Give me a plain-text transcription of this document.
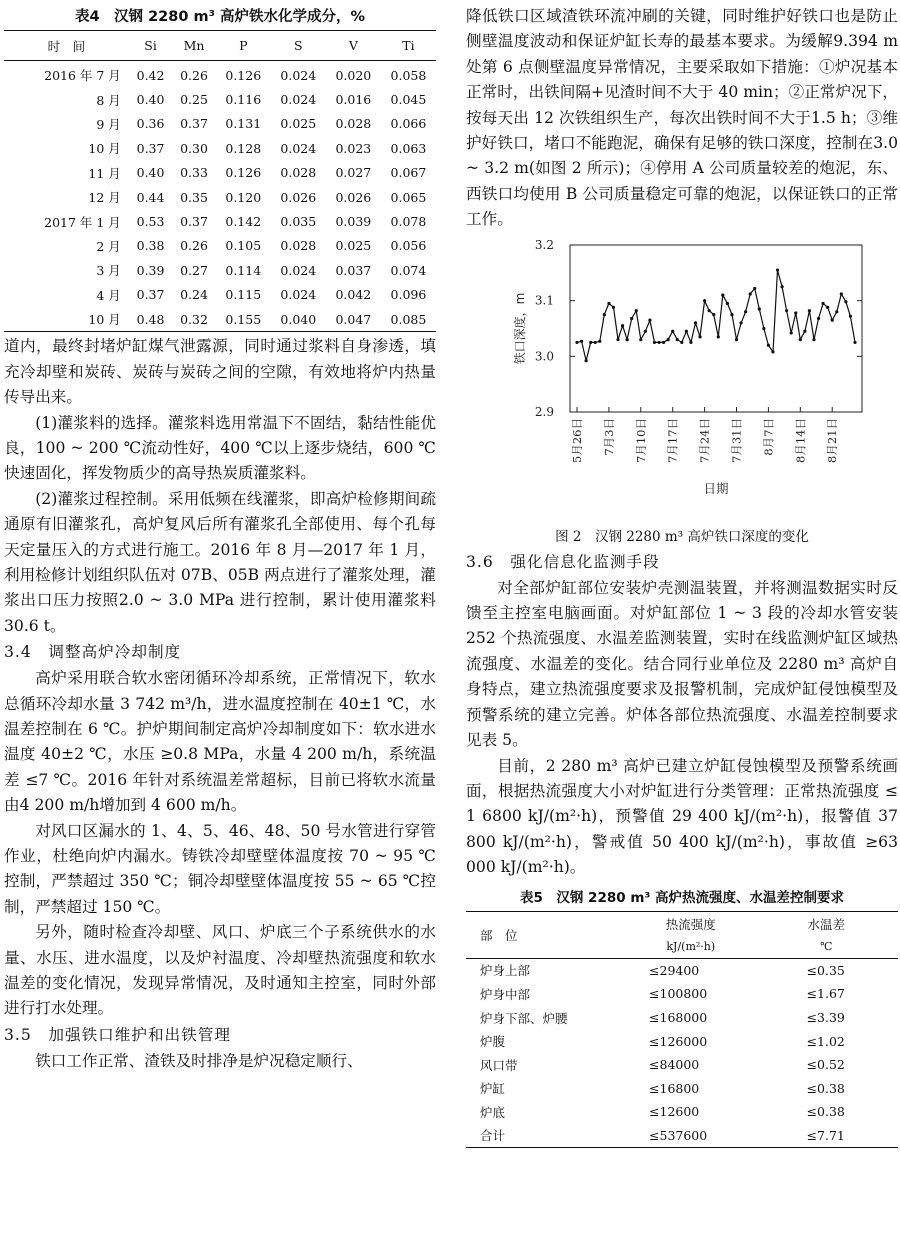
表4　汉钢 2280 m³ 高炉铁水化学成分，%
时　间	Si	Mn	P	S	V	Ti
2016 年 7 月	0.42	0.26	0.126	0.024	0.020	0.058
8 月	0.40	0.25	0.116	0.024	0.016	0.045
9 月	0.36	0.37	0.131	0.025	0.028	0.066
10 月	0.37	0.30	0.128	0.024	0.023	0.063
11 月	0.40	0.33	0.126	0.028	0.027	0.067
12 月	0.44	0.35	0.120	0.026	0.026	0.065
2017 年 1 月	0.53	0.37	0.142	0.035	0.039	0.078
2 月	0.38	0.26	0.105	0.028	0.025	0.056
3 月	0.39	0.27	0.114	0.024	0.037	0.074
4 月	0.37	0.24	0.115	0.024	0.042	0.096
10 月	0.48	0.32	0.155	0.040	0.047	0.085

道内，最终封堵炉缸煤气泄露源，同时通过浆料自身渗透，填充冷却壁和炭砖、炭砖与炭砖之间的空隙，有效地将炉内热量传导出来。

(1)灌浆料的选择。灌浆料选用常温下不固结，黏结性能优良，100 ~ 200 ℃流动性好，400 ℃以上逐步烧结，600 ℃快速固化，挥发物质少的高导热炭质灌浆料。

(2)灌浆过程控制。采用低频在线灌浆，即高炉检修期间疏通原有旧灌浆孔，高炉复风后所有灌浆孔全部使用、每个孔每天定量压入的方式进行施工。2016 年 8 月—2017 年 1 月，利用检修计划组织队伍对 07B、05B 两点进行了灌浆处理，灌浆出口压力按照2.0 ~ 3.0 MPa 进行控制，累计使用灌浆料30.6 t。

3.4　调整高炉冷却制度

高炉采用联合软水密闭循环冷却系统，正常情况下，软水总循环冷却水量 3 742 m³/h，进水温度控制在 40±1 ℃，水温差控制在 6 ℃。护炉期间制定高炉冷却制度如下：软水进水温度 40±2 ℃，水压 ≥0.8 MPa，水量 4 200 m/h，系统温差 ≤7 ℃。2016 年针对系统温差常超标，目前已将软水流量由4 200 m/h增加到 4 600 m/h。

对风口区漏水的 1、4、5、46、48、50 号水管进行穿管作业，杜绝向炉内漏水。铸铁冷却壁壁体温度按 70 ~ 95 ℃控制，严禁超过 350 ℃；铜冷却壁壁体温度按 55 ~ 65 ℃控制，严禁超过 150 ℃。

另外，随时检查冷却壁、风口、炉底三个子系统供水的水量、水压、进水温度，以及炉衬温度、冷却壁热流强度和软水温差的变化情况，发现异常情况，及时通知主控室，同时外部进行打水处理。

3.5　加强铁口维护和出铁管理

铁口工作正常、渣铁及时排净是炉况稳定顺行、

降低铁口区域渣铁环流冲刷的关键，同时维护好铁口也是防止侧壁温度波动和保证炉缸长寿的最基本要求。为缓解9.394 m处第 6 点侧壁温度异常情况，主要采取如下措施：①炉况基本正常时，出铁间隔+见渣时间不大于 40 min；②正常炉况下，按每天出 12 次铁组织生产，每次出铁时间不大于1.5 h；③维护好铁口，堵口不能跑泥，确保有足够的铁口深度，控制在3.0 ~ 3.2 m(如图 2 所示)；④停用 A 公司质量较差的炮泥，东、西铁口均使用 B 公司质量稳定可靠的炮泥，以保证铁口的正常工作。

2.9
3.0
3.1
3.2
铁口深度，m
5月26日 7月3日 7月10日 7月17日 7月24日 7月31日 8月7日 8月14日 8月21日
日期

图 2　汉钢 2280 m³ 高炉铁口深度的变化

3.6　强化信息化监测手段

对全部炉缸部位安装炉壳测温装置，并将测温数据实时反馈至主控室电脑画面。对炉缸部位 1 ~ 3 段的冷却水管安装 252 个热流强度、水温差监测装置，实时在线监测炉缸区域热流强度、水温差的变化。结合同行业单位及 2280 m³ 高炉自身特点，建立热流强度要求及报警机制，完成炉缸侵蚀模型及预警系统的建立完善。炉体各部位热流强度、水温差控制要求见表 5。

目前，2 280 m³ 高炉已建立炉缸侵蚀模型及预警系统画面，根据热流强度大小对炉缸进行分类管理：正常热流强度 ≤ 1 6800 kJ/(m²·h)，预警值 29 400 kJ/(m²·h)，报警值 37 800 kJ/(m²·h)，警戒值 50 400 kJ/(m²·h)，事故值 ≥63 000 kJ/(m²·h)。

表5　汉钢 2280 m³ 高炉热流强度、水温差控制要求
部　位	热流强度	水温差
	kJ/(m²·h)	℃
炉身上部	≤29400	≤0.35
炉身中部	≤100800	≤1.67
炉身下部、炉腰	≤168000	≤3.39
炉腹	≤126000	≤1.02
风口带	≤84000	≤0.52
炉缸	≤16800	≤0.38
炉底	≤12600	≤0.38
合计	≤537600	≤7.71
